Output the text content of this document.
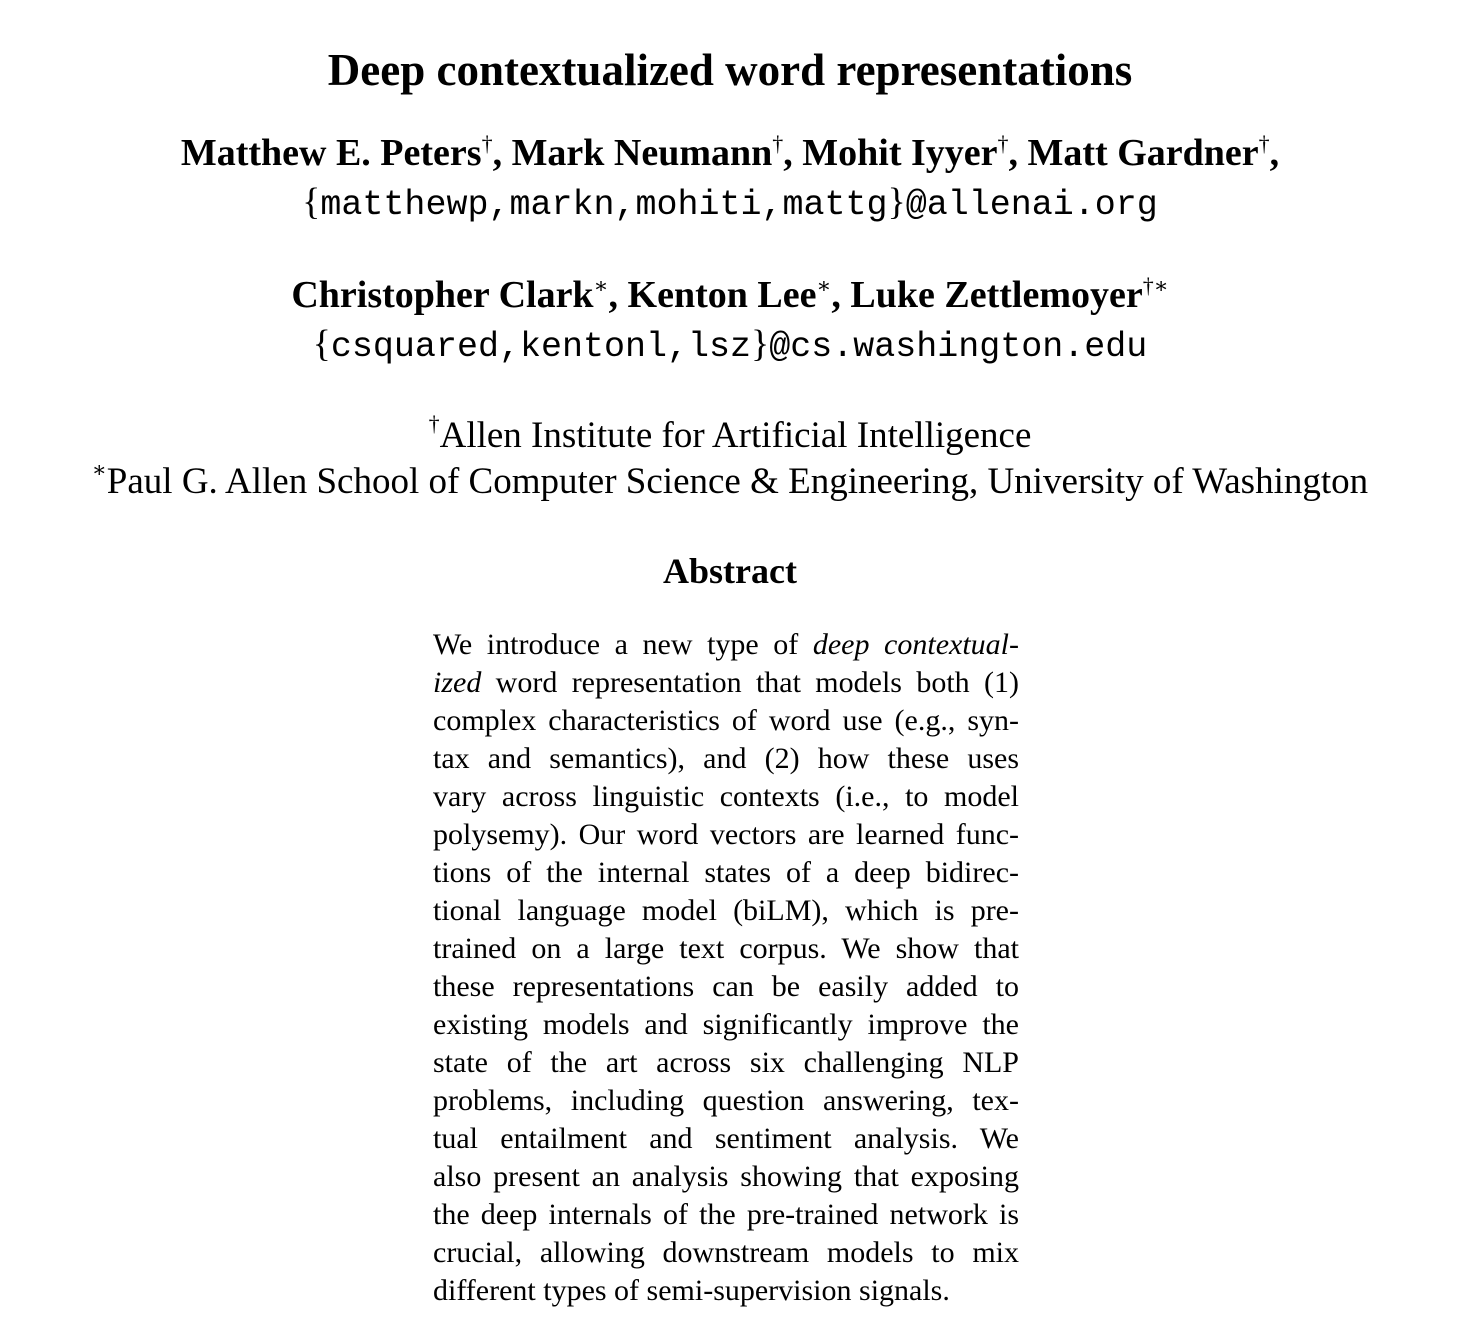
Deep contextualized word representations
Matthew E. Peters†, Mark Neumann†, Mohit Iyyer†, Matt Gardner†,
{matthewp,markn,mohiti,mattg}@allenai.org
Christopher Clark∗, Kenton Lee∗, Luke Zettlemoyer†∗
{csquared,kentonl,lsz}@cs.washington.edu
†Allen Institute for Artificial Intelligence
∗Paul G. Allen School of Computer Science & Engineering, University of Washington
Abstract
We introduce a new type of deep contextual-
ized word representation that models both (1)
complex characteristics of word use (e.g., syn-
tax and semantics), and (2) how these uses
vary across linguistic contexts (i.e., to model
polysemy). Our word vectors are learned func-
tions of the internal states of a deep bidirec-
tional language model (biLM), which is pre-
trained on a large text corpus. We show that
these representations can be easily added to
existing models and significantly improve the
state of the art across six challenging NLP
problems, including question answering, tex-
tual entailment and sentiment analysis. We
also present an analysis showing that exposing
the deep internals of the pre-trained network is
crucial, allowing downstream models to mix
different types of semi-supervision signals.
